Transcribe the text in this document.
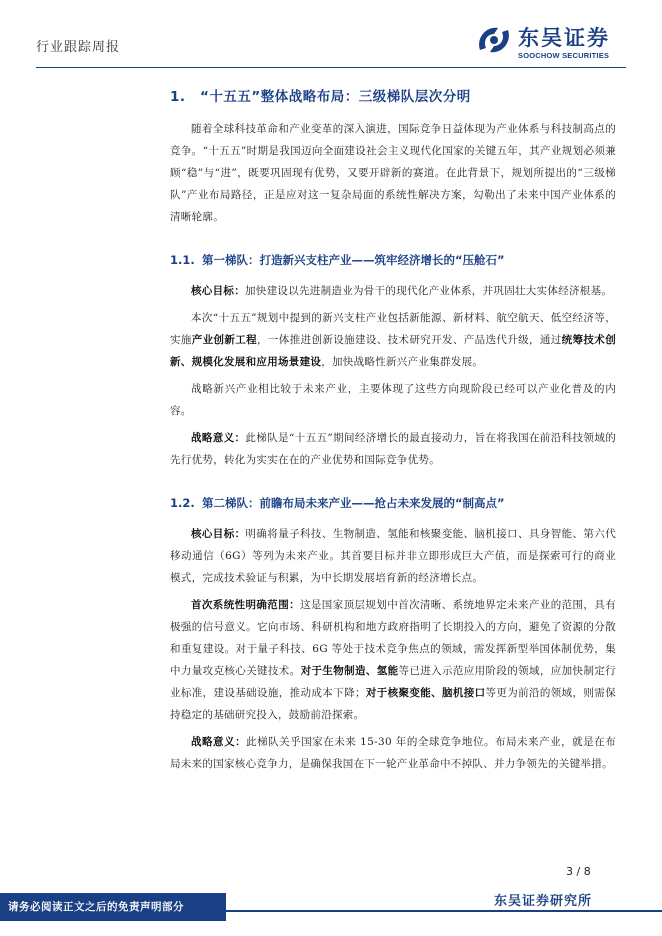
行业跟踪周报	东吴证券
SOOCHOW SECURITIES
1. “十五五”整体战略布局：三级梯队层次分明

随着全球科技革命和产业变革的深入演进，国际竞争日益体现为产业体系与科技制高点的竞争。“十五五”时期是我国迈向全面建设社会主义现代化国家的关键五年，其产业规划必须兼顾“稳”与“进”，既要巩固现有优势，又要开辟新的赛道。在此背景下，规划所提出的“三级梯队”产业布局路径，正是应对这一复杂局面的系统性解决方案，勾勒出了未来中国产业体系的清晰轮廓。

1.1. 第一梯队：打造新兴支柱产业——筑牢经济增长的“压舱石”

核心目标：加快建设以先进制造业为骨干的现代化产业体系，并巩固壮大实体经济根基。

本次“十五五”规划中提到的新兴支柱产业包括新能源、新材料、航空航天、低空经济等，实施产业创新工程，一体推进创新设施建设、技术研究开发、产品迭代升级，通过统筹技术创新、规模化发展和应用场景建设，加快战略性新兴产业集群发展。

战略新兴产业相比较于未来产业，主要体现了这些方向现阶段已经可以产业化普及的内容。

战略意义：此梯队是“十五五”期间经济增长的最直接动力，旨在将我国在前沿科技领域的先行优势，转化为实实在在的产业优势和国际竞争优势。

1.2. 第二梯队：前瞻布局未来产业——抢占未来发展的“制高点”

核心目标：明确将量子科技、生物制造、氢能和核聚变能、脑机接口、具身智能、第六代移动通信（6G）等列为未来产业。其首要目标并非立即形成巨大产值，而是探索可行的商业模式，完成技术验证与积累，为中长期发展培育新的经济增长点。

首次系统性明确范围：这是国家顶层规划中首次清晰、系统地界定未来产业的范围，具有极强的信号意义。它向市场、科研机构和地方政府指明了长期投入的方向，避免了资源的分散和重复建设。对于量子科技、6G 等处于技术竞争焦点的领域，需发挥新型举国体制优势，集中力量攻克核心关键技术。对于生物制造、氢能等已进入示范应用阶段的领域，应加快制定行业标准，建设基础设施，推动成本下降；对于核聚变能、脑机接口等更为前沿的领域，则需保持稳定的基础研究投入，鼓励前沿探索。

战略意义：此梯队关乎国家在未来 15-30 年的全球竞争地位。布局未来产业，就是在布局未来的国家核心竞争力，是确保我国在下一轮产业革命中不掉队、并力争领先的关键举措。

3 / 8
东吴证券研究所
请务必阅读正文之后的免责声明部分
